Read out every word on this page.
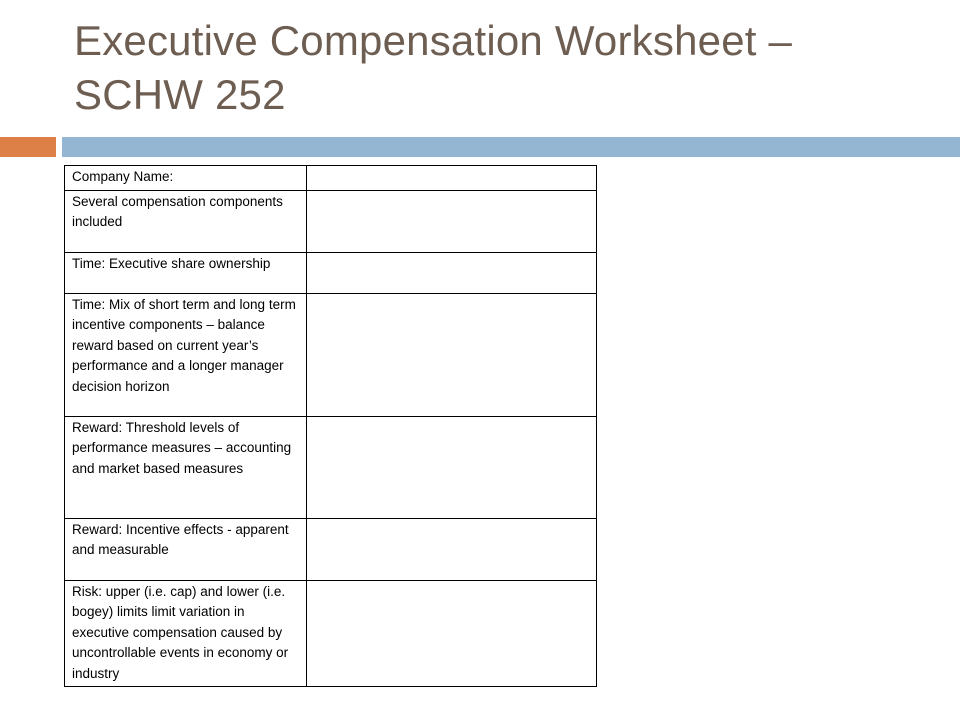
Executive Compensation Worksheet –
SCHW 252
Company Name:	
Several compensation components included	
Time: Executive share ownership	
Time: Mix of short term and long term incentive components – balance reward based on current year’s performance and a longer manager decision horizon	
Reward: Threshold levels of performance measures – accounting and market based measures	
Reward: Incentive effects - apparent and measurable	
Risk: upper (i.e. cap) and lower (i.e. bogey) limits limit variation in executive compensation caused by uncontrollable events in economy or industry	
